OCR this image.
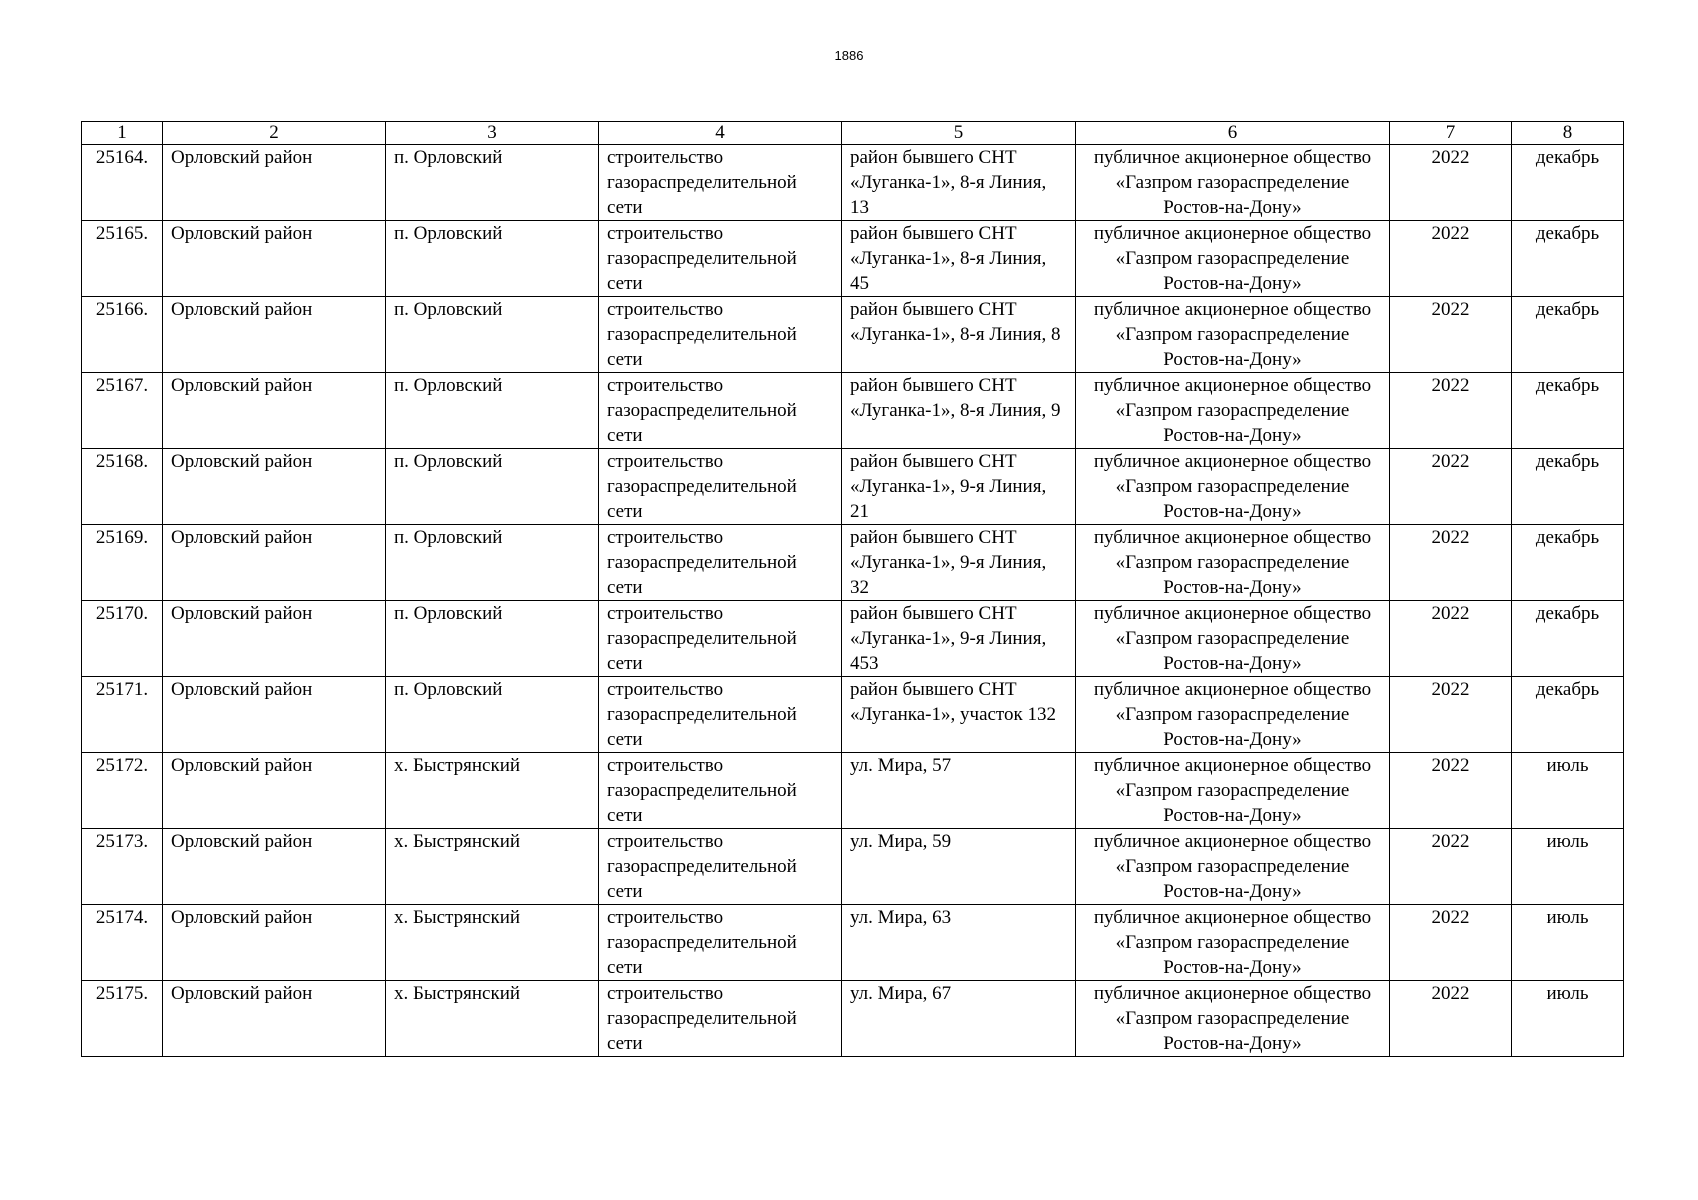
1886
1	2	3	4	5	6	7	8
25164.	Орловский район	п. Орловский	строительство газораспределительной сети	район бывшего СНТ «Луганка-1», 8-я Линия, 13	публичное акционерное общество «Газпром газораспределение Ростов-на-Дону»	2022	декабрь
25165.	Орловский район	п. Орловский	строительство газораспределительной сети	район бывшего СНТ «Луганка-1», 8-я Линия, 45	публичное акционерное общество «Газпром газораспределение Ростов-на-Дону»	2022	декабрь
25166.	Орловский район	п. Орловский	строительство газораспределительной сети	район бывшего СНТ «Луганка-1», 8-я Линия, 8	публичное акционерное общество «Газпром газораспределение Ростов-на-Дону»	2022	декабрь
25167.	Орловский район	п. Орловский	строительство газораспределительной сети	район бывшего СНТ «Луганка-1», 8-я Линия, 9	публичное акционерное общество «Газпром газораспределение Ростов-на-Дону»	2022	декабрь
25168.	Орловский район	п. Орловский	строительство газораспределительной сети	район бывшего СНТ «Луганка-1», 9-я Линия, 21	публичное акционерное общество «Газпром газораспределение Ростов-на-Дону»	2022	декабрь
25169.	Орловский район	п. Орловский	строительство газораспределительной сети	район бывшего СНТ «Луганка-1», 9-я Линия, 32	публичное акционерное общество «Газпром газораспределение Ростов-на-Дону»	2022	декабрь
25170.	Орловский район	п. Орловский	строительство газораспределительной сети	район бывшего СНТ «Луганка-1», 9-я Линия, 453	публичное акционерное общество «Газпром газораспределение Ростов-на-Дону»	2022	декабрь
25171.	Орловский район	п. Орловский	строительство газораспределительной сети	район бывшего СНТ «Луганка-1», участок 132	публичное акционерное общество «Газпром газораспределение Ростов-на-Дону»	2022	декабрь
25172.	Орловский район	х. Быстрянский	строительство газораспределительной сети	ул. Мира, 57	публичное акционерное общество «Газпром газораспределение Ростов-на-Дону»	2022	июль
25173.	Орловский район	х. Быстрянский	строительство газораспределительной сети	ул. Мира, 59	публичное акционерное общество «Газпром газораспределение Ростов-на-Дону»	2022	июль
25174.	Орловский район	х. Быстрянский	строительство газораспределительной сети	ул. Мира, 63	публичное акционерное общество «Газпром газораспределение Ростов-на-Дону»	2022	июль
25175.	Орловский район	х. Быстрянский	строительство газораспределительной сети	ул. Мира, 67	публичное акционерное общество «Газпром газораспределение Ростов-на-Дону»	2022	июль
